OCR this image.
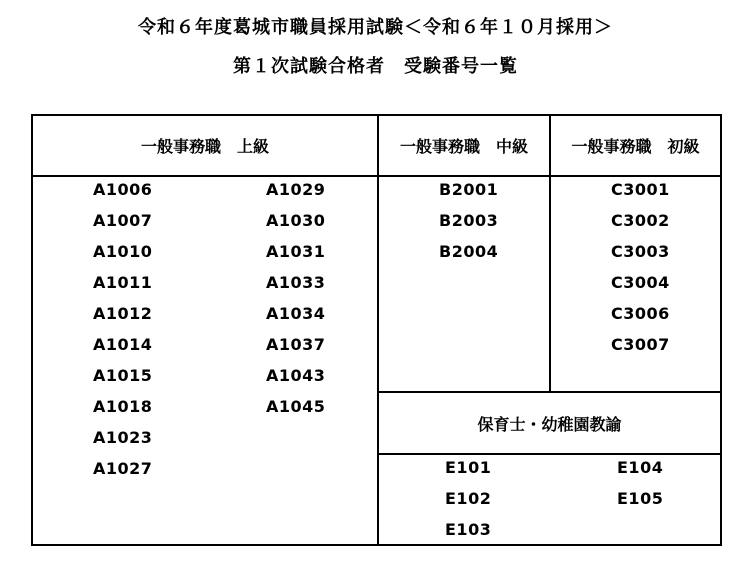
令和６年度葛城市職員採用試験＜令和６年１０月採用＞
第１次試験合格者　受験番号一覧
一般事務職　上級	一般事務職　中級	一般事務職　初級
保育士・幼稚園教諭
A1006
A1007
A1010
A1011
A1012
A1014
A1015
A1018
A1023
A1027
A1029
A1030
A1031
A1033
A1034
A1037
A1043
A1045
B2001
B2003
B2004
C3001
C3002
C3003
C3004
C3006
C3007
E101
E102
E103
E104
E105
